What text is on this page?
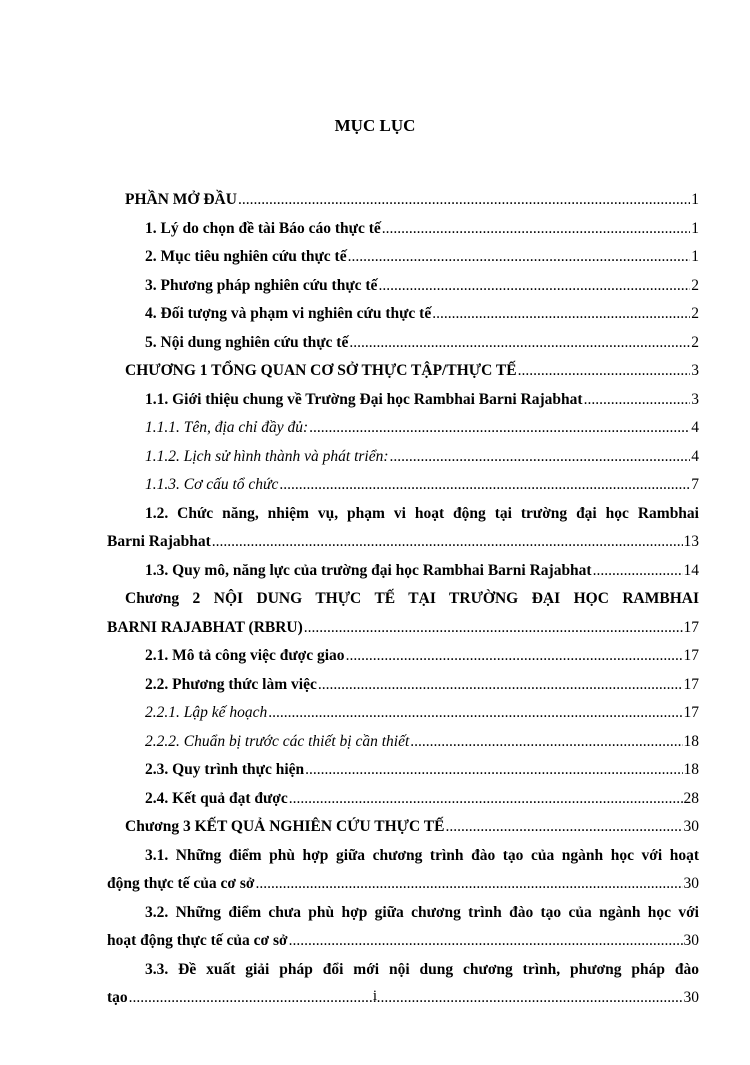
MỤC LỤC
PHẦN MỞ ĐẦU .....	1
1. Lý do chọn đề tài Báo cáo thực tế .....	1
2. Mục tiêu nghiên cứu thực tế .....	1
3. Phương pháp nghiên cứu thực tế .....	2
4. Đối tượng và phạm vi nghiên cứu thực tế .....	2
5. Nội dung nghiên cứu thực tế .....	2
CHƯƠNG 1 TỔNG QUAN CƠ SỞ THỰC TẬP/THỰC TẾ .....	3
1.1. Giới thiệu chung về Trường Đại học Rambhai Barni Rajabhat .....	3
1.1.1. Tên, địa chỉ đầy đủ: .....	4
1.1.2. Lịch sử hình thành và phát triển: .....	4
1.1.3. Cơ cấu tổ chức .....	7
1.2. Chức năng, nhiệm vụ, phạm vi hoạt động tại trường đại học Rambhai
Barni Rajabhat .....	13
1.3. Quy mô, năng lực của trường đại học Rambhai Barni Rajabhat .....	14
Chương 2 NỘI DUNG THỰC TẾ TẠI TRƯỜNG ĐẠI HỌC RAMBHAI
BARNI RAJABHAT (RBRU) .....	17
2.1. Mô tả công việc được giao .....	17
2.2. Phương thức làm việc .....	17
2.2.1. Lập kế hoạch .....	17
2.2.2. Chuẩn bị trước các thiết bị cần thiết .....	18
2.3. Quy trình thực hiện .....	18
2.4. Kết quả đạt được .....	28
Chương 3 KẾT QUẢ NGHIÊN CỨU THỰC TẾ .....	30
3.1. Những điểm phù hợp giữa chương trình đào tạo của ngành học với hoạt
động thực tế của cơ sở .....	30
3.2. Những điểm chưa phù hợp giữa chương trình đào tạo của ngành học với
hoạt động thực tế của cơ sở .....	30
3.3. Đề xuất giải pháp đổi mới nội dung chương trình, phương pháp đào
tạo .....	30
i
